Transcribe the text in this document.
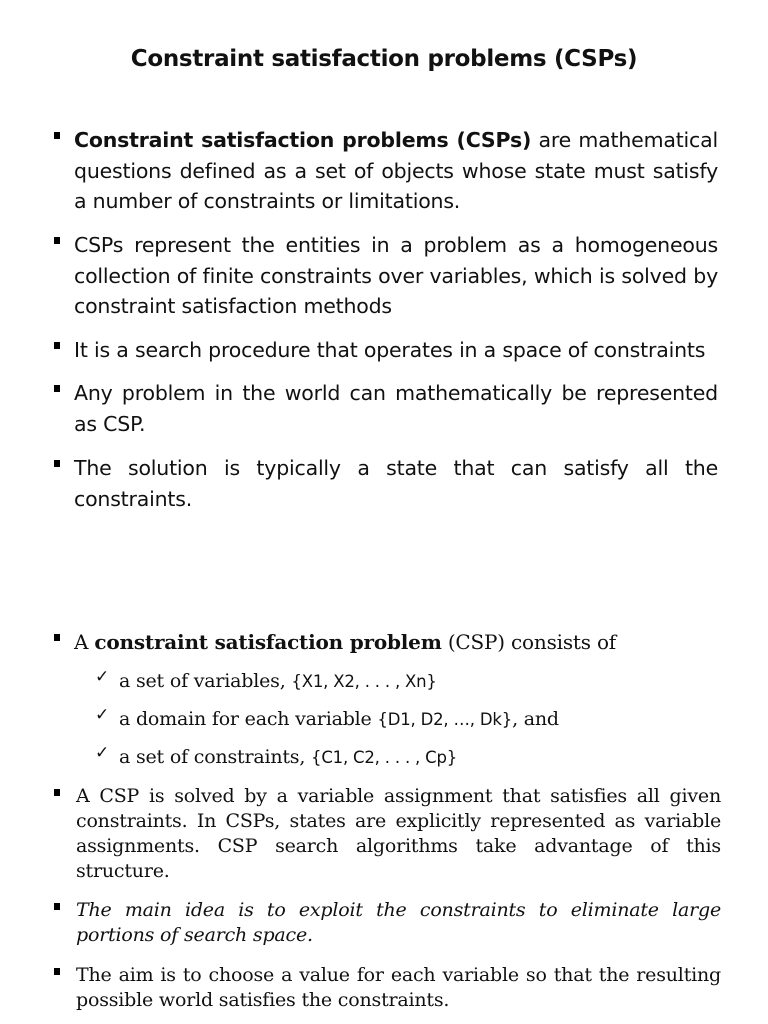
Constraint satisfaction problems (CSPs)
Constraint satisfaction problems (CSPs) are mathematical questions defined as a set of objects whose state must satisfy a number of constraints or limitations.
CSPs represent the entities in a problem as a homogeneous collection of finite constraints over variables, which is solved by constraint satisfaction methods
It is a search procedure that operates in a space of constraints
Any problem in the world can mathematically be represented as CSP.
The solution is typically a state that can satisfy all the constraints.
A constraint satisfaction problem (CSP) consists of
✓ a set of variables, {X1, X2, . . . , Xn}
✓ a domain for each variable {D1, D2, …, Dk}, and
✓ a set of constraints, {C1, C2, . . . , Cp}
A CSP is solved by a variable assignment that satisfies all given constraints. In CSPs, states are explicitly represented as variable assignments. CSP search algorithms take advantage of this structure.
The main idea is to exploit the constraints to eliminate large portions of search space.
The aim is to choose a value for each variable so that the resulting possible world satisfies the constraints.
